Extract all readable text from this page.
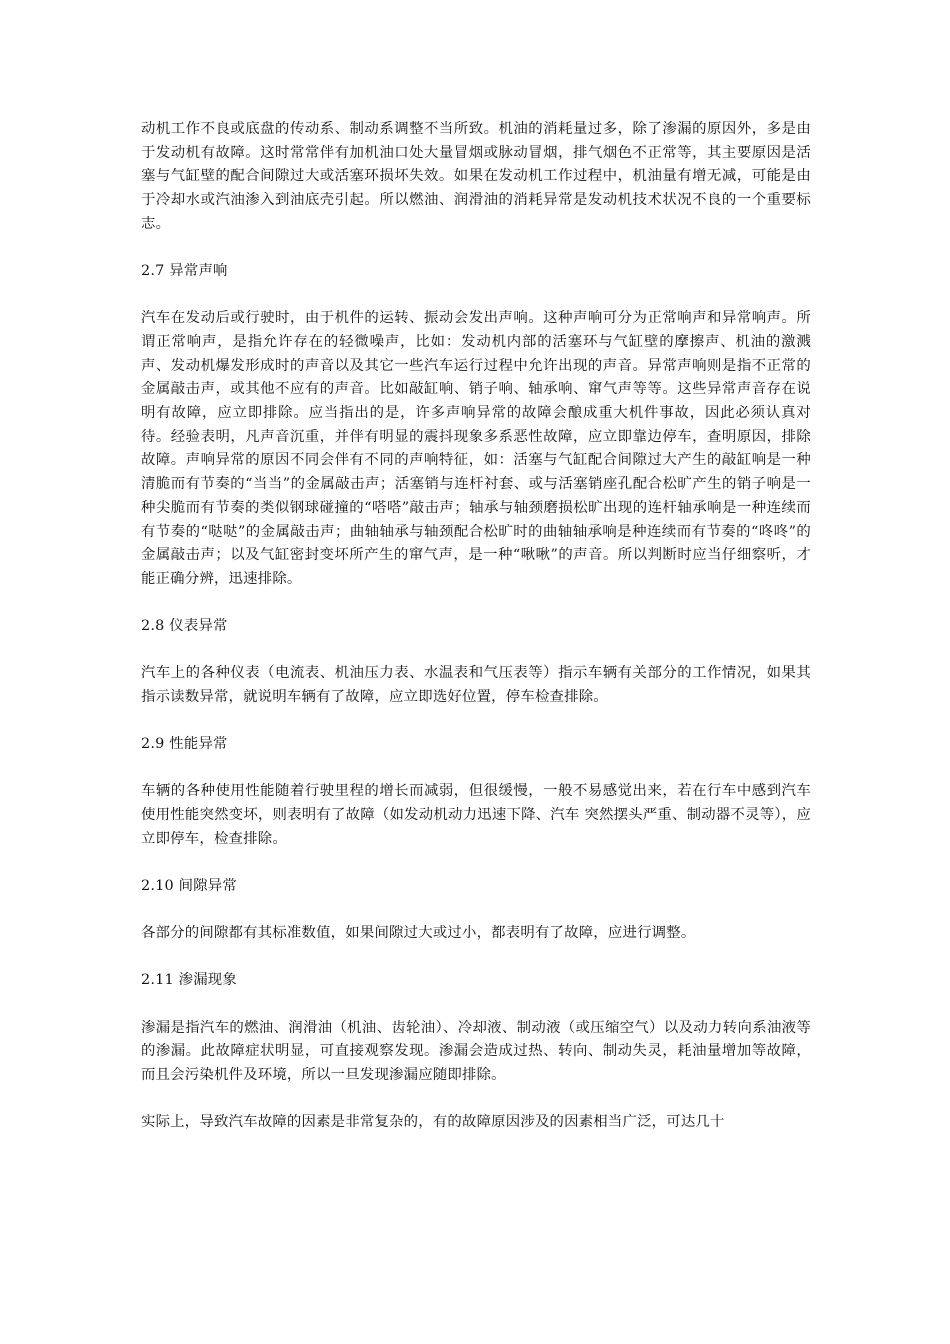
动机工作不良或底盘的传动系、制动系调整不当所致。机油的消耗量过多，除了渗漏的原因外，多是由于发动机有故障。这时常常伴有加机油口处大量冒烟或脉动冒烟，排气烟色不正常等，其主要原因是活塞与气缸壁的配合间隙过大或活塞环损坏失效。如果在发动机工作过程中，机油量有增无减，可能是由于冷却水或汽油渗入到油底壳引起。所以燃油、润滑油的消耗异常是发动机技术状况不良的一个重要标志。

2.7 异常声响

汽车在发动后或行驶时，由于机件的运转、振动会发出声响。这种声响可分为正常响声和异常响声。所谓正常响声，是指允许存在的轻微噪声，比如：发动机内部的活塞环与气缸壁的摩擦声、机油的激溅声、发动机爆发形成时的声音以及其它一些汽车运行过程中允许出现的声音。异常声响则是指不正常的金属敲击声，或其他不应有的声音。比如敲缸响、销子响、轴承响、窜气声等等。这些异常声音存在说明有故障，应立即排除。应当指出的是，许多声响异常的故障会酿成重大机件事故，因此必须认真对待。经验表明，凡声音沉重，并伴有明显的震抖现象多系恶性故障，应立即靠边停车，查明原因，排除故障。声响异常的原因不同会伴有不同的声响特征，如：活塞与气缸配合间隙过大产生的敲缸响是一种清脆而有节奏的“当当”的金属敲击声；活塞销与连杆衬套、或与活塞销座孔配合松旷产生的销子响是一种尖脆而有节奏的类似钢球碰撞的“嗒嗒”敲击声；轴承与轴颈磨损松旷出现的连杆轴承响是一种连续而有节奏的“哒哒”的金属敲击声；曲轴轴承与轴颈配合松旷时的曲轴轴承响是种连续而有节奏的“咚咚”的金属敲击声；以及气缸密封变坏所产生的窜气声，是一种“啾啾”的声音。所以判断时应当仔细察听，才能正确分辨，迅速排除。

2.8 仪表异常

汽车上的各种仪表（电流表、机油压力表、水温表和气压表等）指示车辆有关部分的工作情况，如果其指示读数异常，就说明车辆有了故障，应立即选好位置，停车检查排除。

2.9 性能异常

车辆的各种使用性能随着行驶里程的增长而减弱，但很缓慢，一般不易感觉出来，若在行车中感到汽车使用性能突然变坏，则表明有了故障（如发动机动力迅速下降、汽车 突然摆头严重、制动器不灵等），应立即停车，检查排除。

2.10 间隙异常

各部分的间隙都有其标准数值，如果间隙过大或过小，都表明有了故障，应进行调整。

2.11 渗漏现象

渗漏是指汽车的燃油、润滑油（机油、齿轮油）、冷却液、制动液（或压缩空气）以及动力转向系油液等的渗漏。此故障症状明显，可直接观察发现。渗漏会造成过热、转向、制动失灵，耗油量增加等故障，而且会污染机件及环境，所以一旦发现渗漏应随即排除。

实际上，导致汽车故障的因素是非常复杂的，有的故障原因涉及的因素相当广泛，可达几十
